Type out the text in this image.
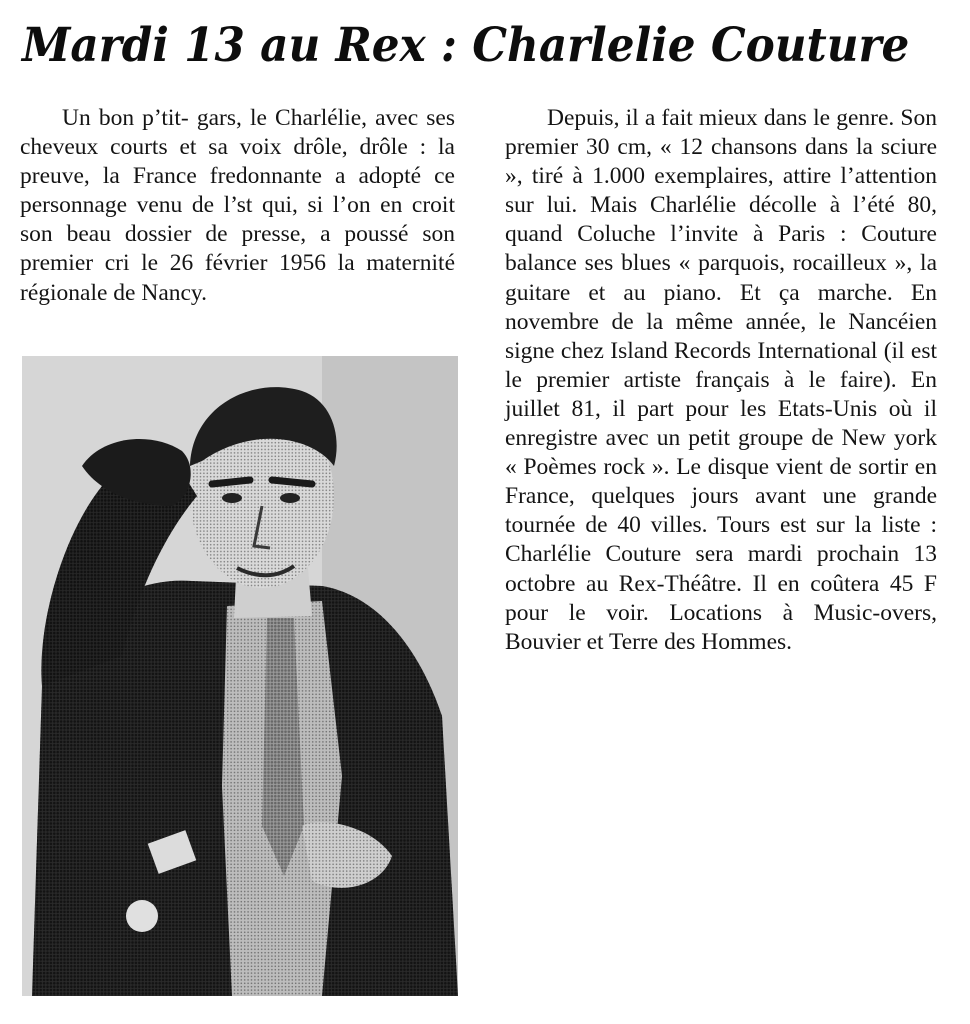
Mardi 13 au Rex : Charlelie Couture

Un bon p’tit- gars, le Charlélie, avec ses cheveux courts et sa voix drôle, drôle : la preuve, la France fredonnante a adopté ce personnage venu de l’st qui, si l’on en croit son beau dossier de presse, a poussé son premier cri le 26 février 1956 la maternité régionale de Nancy.

Depuis, il a fait mieux dans le genre. Son premier 30 cm, « 12 chansons dans la sciure », tiré à 1.000 exemplaires, attire l’attention sur lui. Mais Charlélie décolle à l’été 80, quand Coluche l’invite à Paris : Couture balance ses blues « parquois, rocailleux », la guitare et au piano. Et ça marche. En novembre de la même année, le Nancéien signe chez Island Records International (il est le premier artiste français à le faire). En juillet 81, il part pour les Etats-Unis où il enregistre avec un petit groupe de New york « Poèmes rock ». Le disque vient de sortir en France, quelques jours avant une grande tournée de 40 villes. Tours est sur la liste : Charlélie Couture sera mardi prochain 13 octobre au Rex-Théâtre. Il en coûtera 45 F pour le voir. Locations à Music-overs, Bouvier et Terre des Hommes.
